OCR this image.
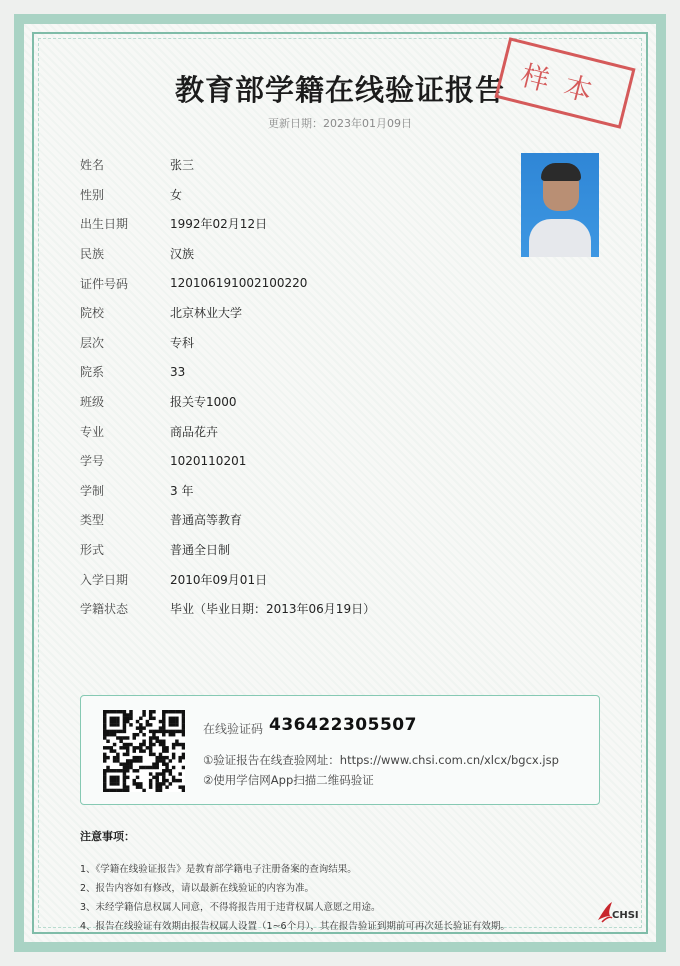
教育部学籍在线验证报告
更新日期：2023年01月09日
样本
姓名	张三
性别	女
出生日期	1992年02月12日
民族	汉族
证件号码	120106191002100220
院校	北京林业大学
层次	专科
院系	33
班级	报关专1000
专业	商品花卉
学号	1020110201
学制	3 年
类型	普通高等教育
形式	普通全日制
入学日期	2010年09月01日
学籍状态	毕业（毕业日期：2013年06月19日）
在线验证码 436422305507
①验证报告在线查验网址：https://www.chsi.com.cn/xlcx/bgcx.jsp
②使用学信网App扫描二维码验证
注意事项：
1、《学籍在线验证报告》是教育部学籍电子注册备案的查询结果。
2、报告内容如有修改，请以最新在线验证的内容为准。
3、未经学籍信息权属人同意，不得将报告用于违背权属人意愿之用途。
4、报告在线验证有效期由报告权属人设置（1~6个月），其在报告验证到期前可再次延长验证有效期。
CHSI
